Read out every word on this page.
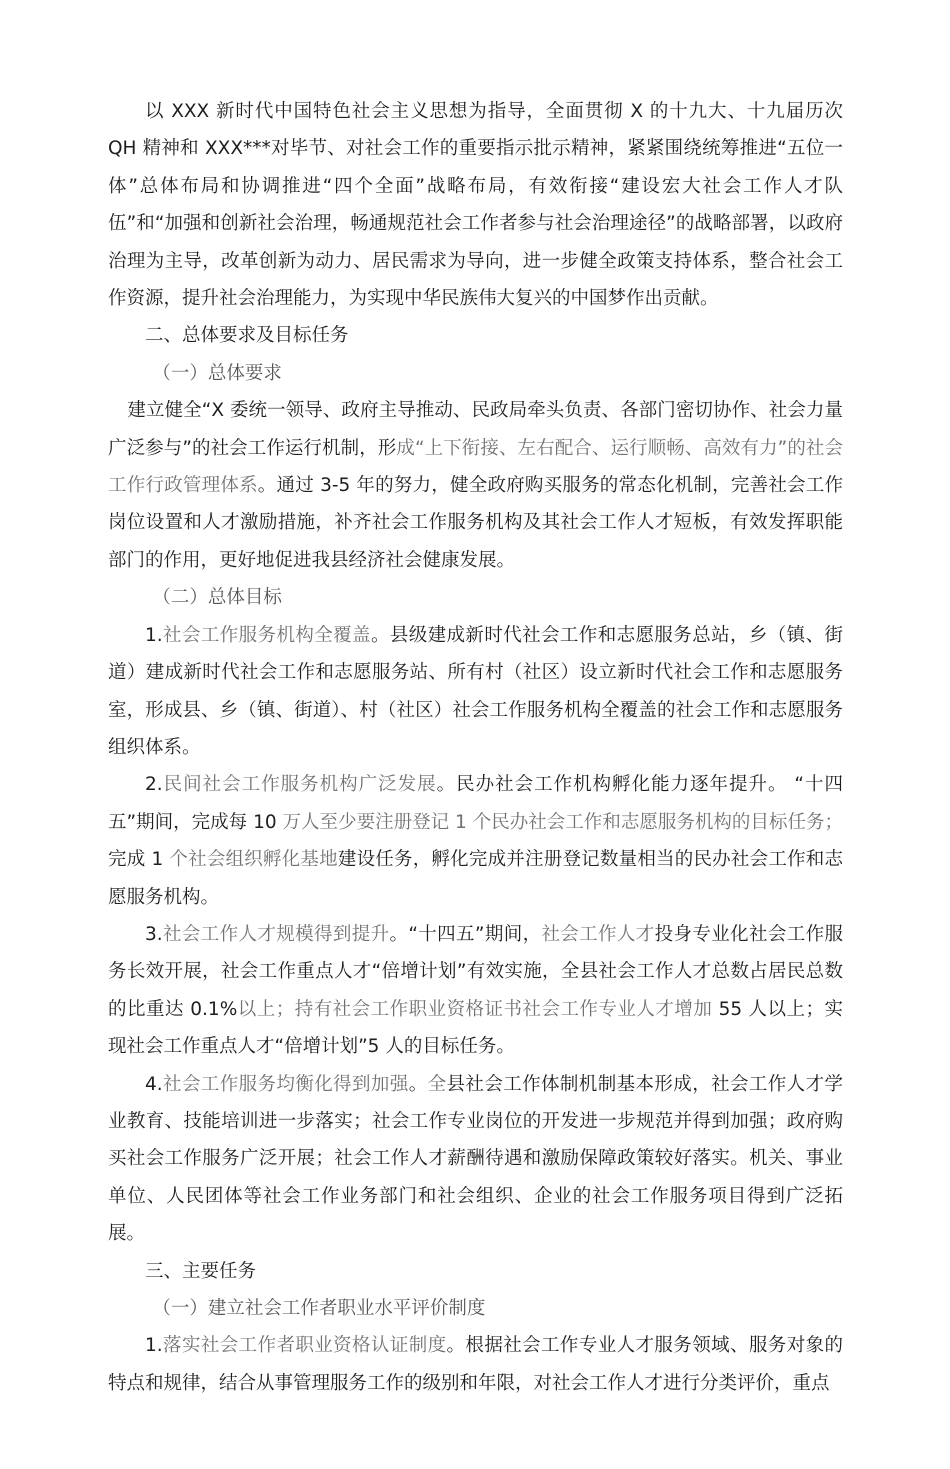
以 XXX 新时代中国特色社会主义思想为指导，全面贯彻 X 的十九大、十九届历次 QH 精神和 XXX***对毕节、对社会工作的重要指示批示精神，紧紧围绕统筹推进“五位一体”总体布局和协调推进“四个全面”战略布局，有效衔接“建设宏大社会工作人才队伍”和“加强和创新社会治理，畅通规范社会工作者参与社会治理途径”的战略部署，以政府治理为主导，改革创新为动力、居民需求为导向，进一步健全政策支持体系，整合社会工作资源，提升社会治理能力，为实现中华民族伟大复兴的中国梦作出贡献。

二、总体要求及目标任务

（一）总体要求

建立健全“X 委统一领导、政府主导推动、民政局牵头负责、各部门密切协作、社会力量广泛参与”的社会工作运行机制，形成“上下衔接、左右配合、运行顺畅、高效有力”的社会工作行政管理体系。通过 3-5 年的努力，健全政府购买服务的常态化机制，完善社会工作岗位设置和人才激励措施，补齐社会工作服务机构及其社会工作人才短板，有效发挥职能部门的作用，更好地促进我县经济社会健康发展。

（二）总体目标

1.社会工作服务机构全覆盖。县级建成新时代社会工作和志愿服务总站，乡（镇、街道）建成新时代社会工作和志愿服务站、所有村（社区）设立新时代社会工作和志愿服务室，形成县、乡（镇、街道）、村（社区）社会工作服务机构全覆盖的社会工作和志愿服务组织体系。

2.民间社会工作服务机构广泛发展。民办社会工作机构孵化能力逐年提升。 “十四五”期间，完成每 10 万人至少要注册登记 1 个民办社会工作和志愿服务机构的目标任务；完成 1 个社会组织孵化基地建设任务，孵化完成并注册登记数量相当的民办社会工作和志愿服务机构。

3.社会工作人才规模得到提升。“十四五”期间，社会工作人才投身专业化社会工作服务长效开展，社会工作重点人才“倍增计划”有效实施，全县社会工作人才总数占居民总数的比重达 0.1%以上；持有社会工作职业资格证书社会工作专业人才增加 55 人以上；实现社会工作重点人才“倍增计划”5 人的目标任务。

4.社会工作服务均衡化得到加强。全县社会工作体制机制基本形成，社会工作人才学业教育、技能培训进一步落实；社会工作专业岗位的开发进一步规范并得到加强；政府购买社会工作服务广泛开展；社会工作人才薪酬待遇和激励保障政策较好落实。机关、事业单位、人民团体等社会工作业务部门和社会组织、企业的社会工作服务项目得到广泛拓展。

三、主要任务

（一）建立社会工作者职业水平评价制度

1.落实社会工作者职业资格认证制度。根据社会工作专业人才服务领域、服务对象的特点和规律，结合从事管理服务工作的级别和年限，对社会工作人才进行分类评价，重点
